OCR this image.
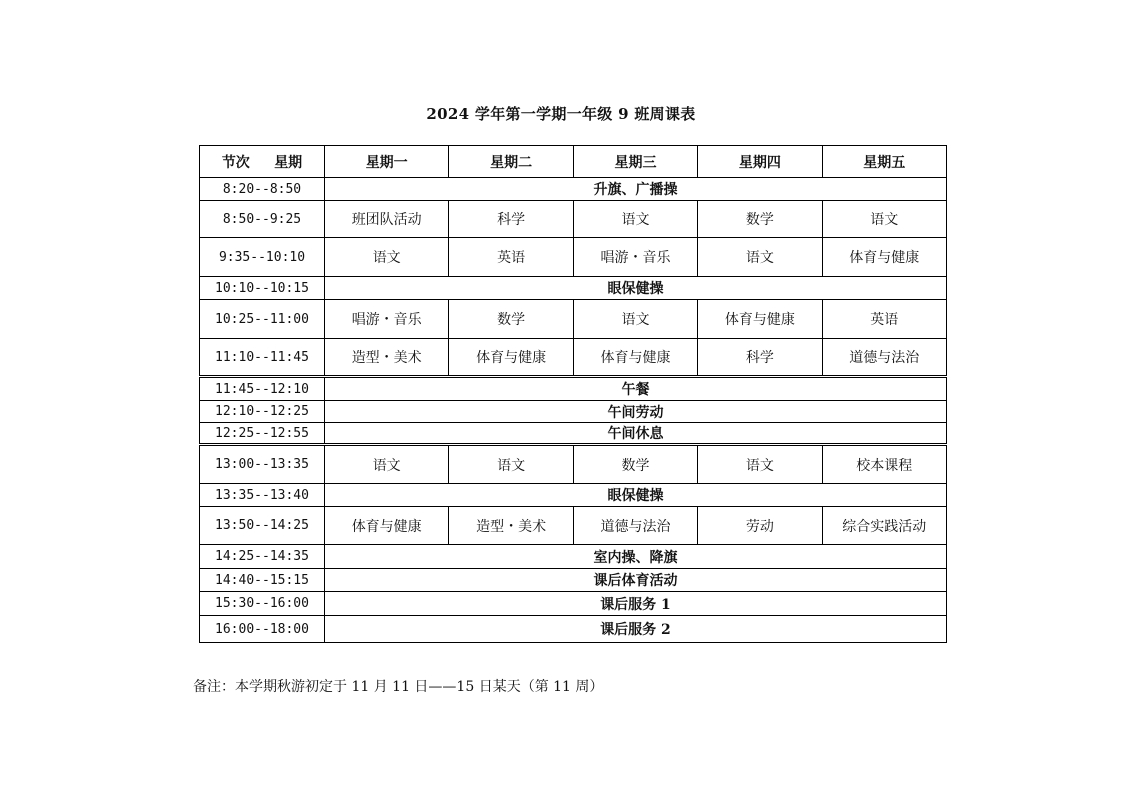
2024 学年第一学期一年级 9 班周课表
节次 星期	星期一	星期二	星期三	星期四	星期五
8:20--8:50	升旗、广播操				
8:50--9:25	班团队活动	科学	语文	数学	语文
9:35--10:10	语文	英语	唱游・音乐	语文	体育与健康
10:10--10:15	眼保健操				
10:25--11:00	唱游・音乐	数学	语文	体育与健康	英语
11:10--11:45	造型・美术	体育与健康	体育与健康	科学	道德与法治
11:45--12:10	午餐				
12:10--12:25	午间劳动				
12:25--12:55	午间休息				
13:00--13:35	语文	语文	数学	语文	校本课程
13:35--13:40	眼保健操				
13:50--14:25	体育与健康	造型・美术	道德与法治	劳动	综合实践活动
14:25--14:35	室内操、降旗				
14:40--15:15	课后体育活动				
15:30--16:00	课后服务 1				
16:00--18:00	课后服务 2				
备注：本学期秋游初定于 11 月 11 日——15 日某天（第 11 周）
